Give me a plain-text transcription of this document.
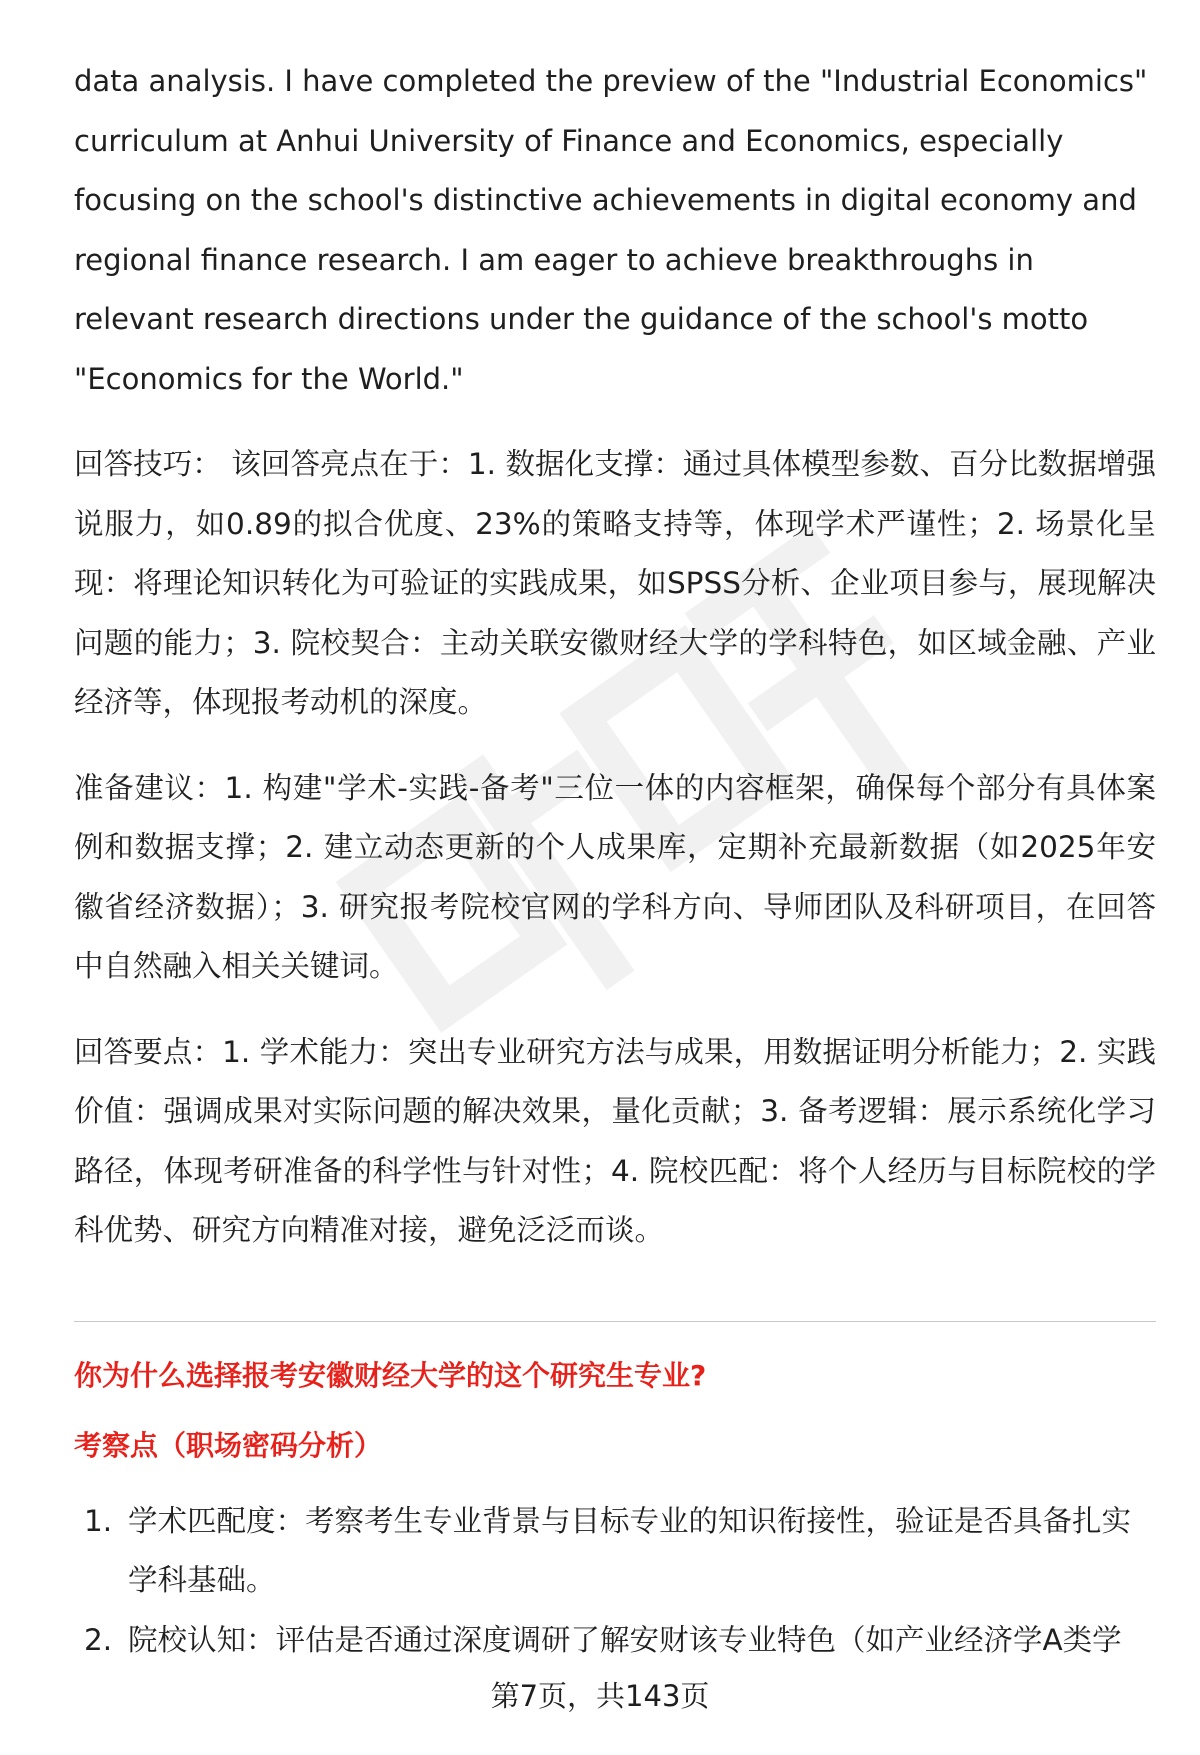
data analysis. I have completed the preview of the "Industrial Economics" curriculum at Anhui University of Finance and Economics, especially focusing on the school's distinctive achievements in digital economy and regional finance research. I am eager to achieve breakthroughs in relevant research directions under the guidance of the school's motto "Economics for the World."

回答技巧： 该回答亮点在于：1. 数据化支撑：通过具体模型参数、百分比数据增强说服力，如0.89的拟合优度、23%的策略支持等，体现学术严谨性；2. 场景化呈现：将理论知识转化为可验证的实践成果，如SPSS分析、企业项目参与，展现解决问题的能力；3. 院校契合：主动关联安徽财经大学的学科特色，如区域金融、产业经济等，体现报考动机的深度。

准备建议：1. 构建"学术-实践-备考"三位一体的内容框架，确保每个部分有具体案例和数据支撑；2. 建立动态更新的个人成果库，定期补充最新数据（如2025年安徽省经济数据）；3. 研究报考院校官网的学科方向、导师团队及科研项目，在回答中自然融入相关关键词。

回答要点：1. 学术能力：突出专业研究方法与成果，用数据证明分析能力；2. 实践价值：强调成果对实际问题的解决效果，量化贡献；3. 备考逻辑：展示系统化学习路径，体现考研准备的科学性与针对性；4. 院校匹配：将个人经历与目标院校的学科优势、研究方向精准对接，避免泛泛而谈。

你为什么选择报考安徽财经大学的这个研究生专业?

考察点（职场密码分析）

1. 学术匹配度：考察考生专业背景与目标专业的知识衔接性，验证是否具备扎实学科基础。
2. 院校认知：评估是否通过深度调研了解安财该专业特色（如产业经济学A类学
第7页，共143页
